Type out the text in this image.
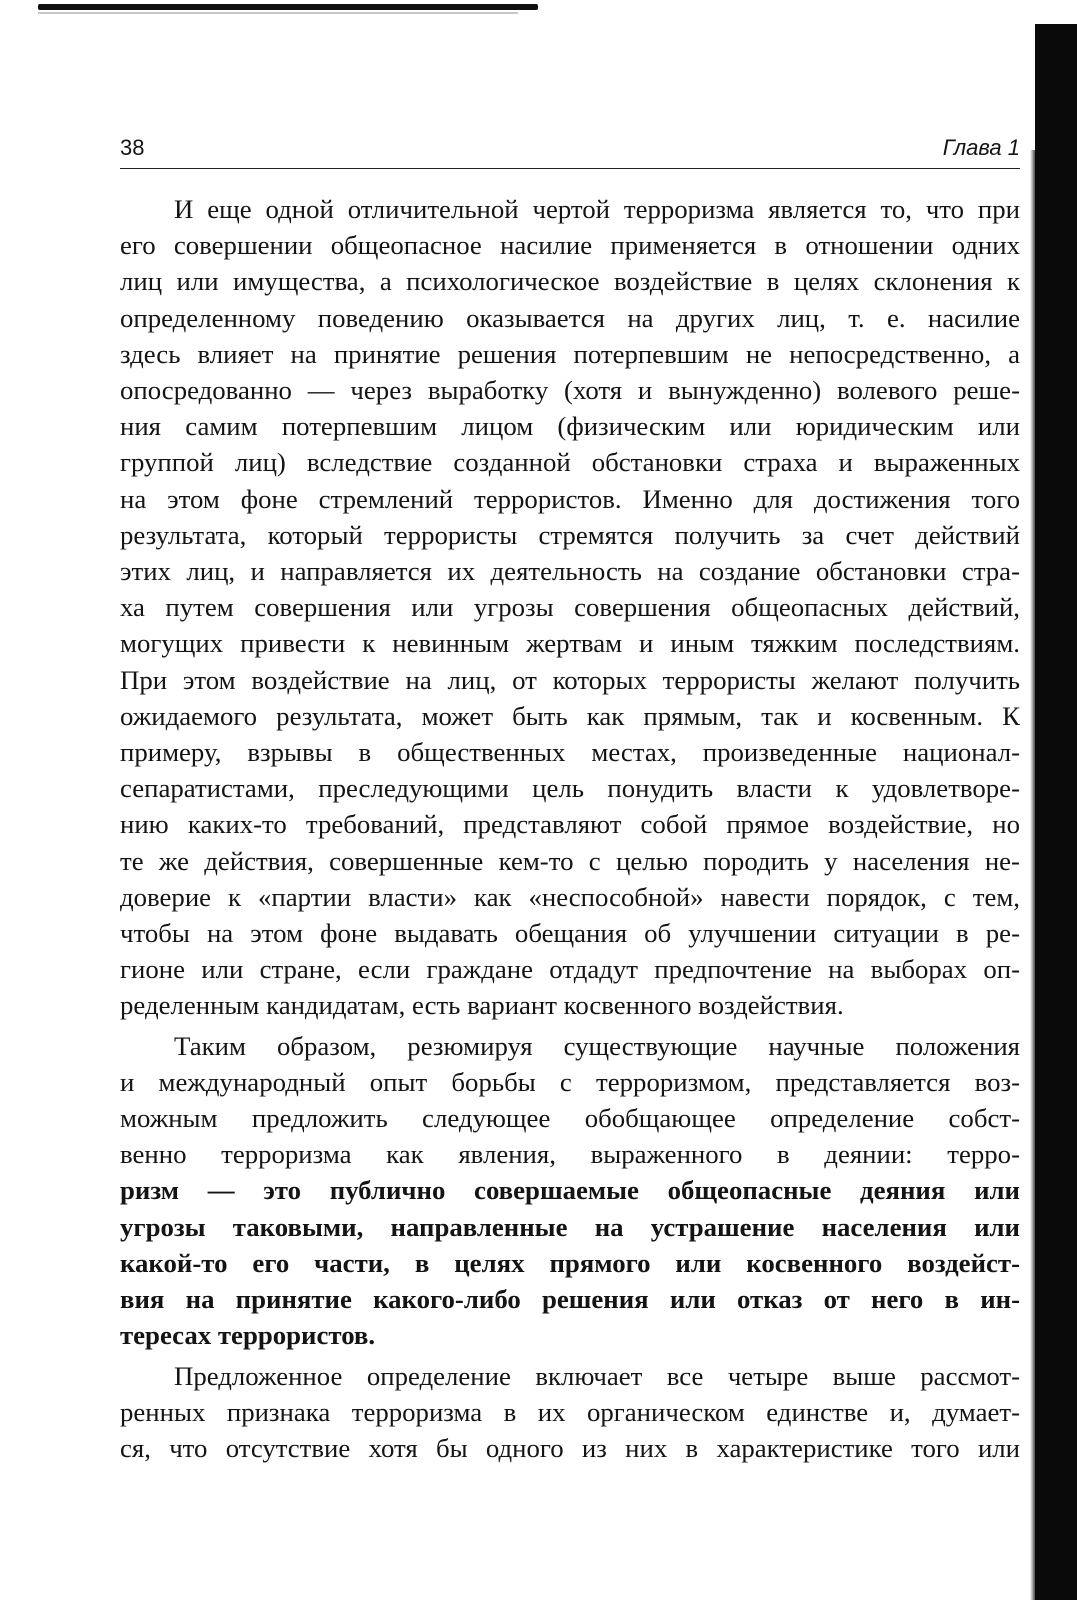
38	Глава 1
И еще одной отличительной чертой терроризма является то, что при
его совершении общеопасное насилие применяется в отношении одних
лиц или имущества, а психологическое воздействие в целях склонения к
определенному поведению оказывается на других лиц, т. е. насилие
здесь влияет на принятие решения потерпевшим не непосредственно, а
опосредованно — через выработку (хотя и вынужденно) волевого реше-
ния самим потерпевшим лицом (физическим или юридическим или
группой лиц) вследствие созданной обстановки страха и выраженных
на этом фоне стремлений террористов. Именно для достижения того
результата, который террористы стремятся получить за счет действий
этих лиц, и направляется их деятельность на создание обстановки стра-
ха путем совершения или угрозы совершения общеопасных действий,
могущих привести к невинным жертвам и иным тяжким последствиям.
При этом воздействие на лиц, от которых террористы желают получить
ожидаемого результата, может быть как прямым, так и косвенным. К
примеру, взрывы в общественных местах, произведенные национал-
сепаратистами, преследующими цель понудить власти к удовлетворе-
нию каких-то требований, представляют собой прямое воздействие, но
те же действия, совершенные кем-то с целью породить у населения не-
доверие к «партии власти» как «неспособной» навести порядок, с тем,
чтобы на этом фоне выдавать обещания об улучшении ситуации в ре-
гионе или стране, если граждане отдадут предпочтение на выборах оп-
ределенным кандидатам, есть вариант косвенного воздействия.
Таким образом, резюмируя существующие научные положения
и международный опыт борьбы с терроризмом, представляется воз-
можным предложить следующее обобщающее определение собст-
венно терроризма как явления, выраженного в деянии: терро-
ризм — это публично совершаемые общеопасные деяния или
угрозы таковыми, направленные на устрашение населения или
какой-то его части, в целях прямого или косвенного воздейст-
вия на принятие какого-либо решения или отказ от него в ин-
тересах террористов.
Предложенное определение включает все четыре выше рассмот-
ренных признака терроризма в их органическом единстве и, думает-
ся, что отсутствие хотя бы одного из них в характеристике того или
